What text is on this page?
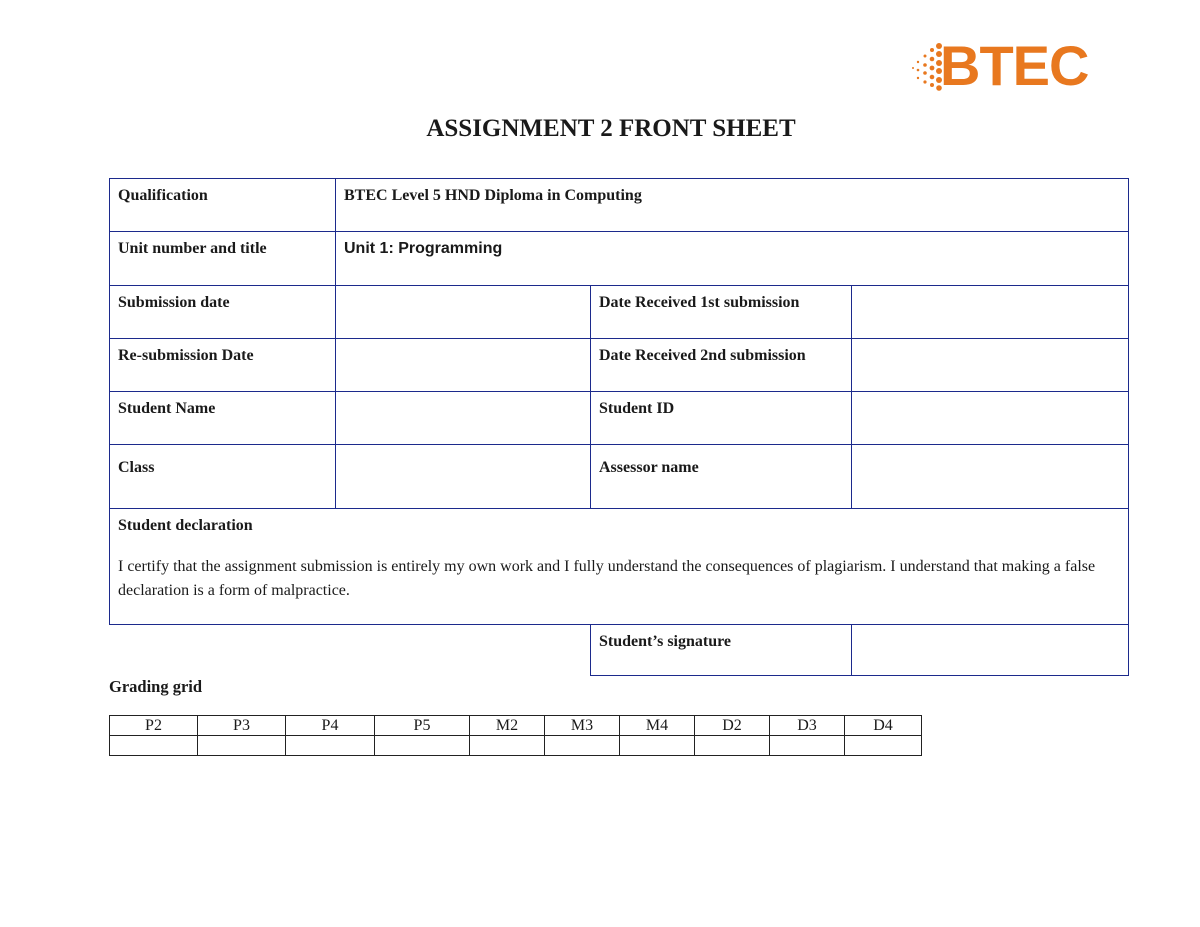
BTEC
ASSIGNMENT 2 FRONT SHEET
Qualification	BTEC Level 5 HND Diploma in Computing		
Unit number and title	Unit 1: Programming		
Submission date		Date Received 1st submission	
Re-submission Date		Date Received 2nd submission	
Student Name		Student ID	
Class		Assessor name	

Student declaration
I certify that the assignment submission is entirely my own work and I fully understand the consequences of plagiarism. I understand that making a false declaration is a form of malpractice.			

		Student’s signature	
Grading grid
P2	P3	P4	P5	M2	M3	M4	D2	D3	D4
